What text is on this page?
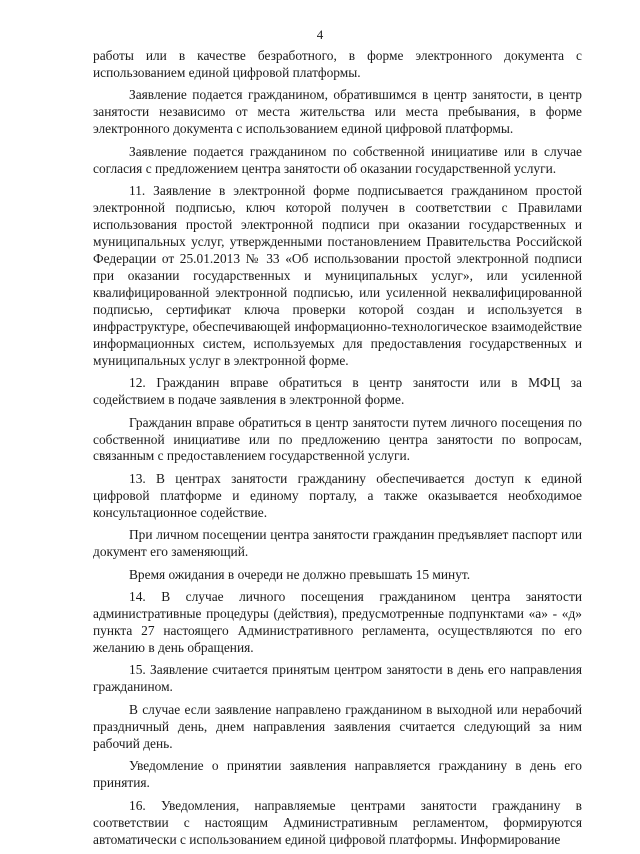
4

работы или в качестве безработного, в форме электронного документа с использованием единой цифровой платформы.

Заявление подается гражданином, обратившимся в центр занятости, в центр занятости независимо от места жительства или места пребывания, в форме электронного документа с использованием единой цифровой платформы.

Заявление подается гражданином по собственной инициативе или в случае согласия с предложением центра занятости об оказании государственной услуги.

11. Заявление в электронной форме подписывается гражданином простой электронной подписью, ключ которой получен в соответствии с Правилами использования простой электронной подписи при оказании государственных и муниципальных услуг, утвержденными постановлением Правительства Российской Федерации от 25.01.2013 № 33 «Об использовании простой электронной подписи при оказании государственных и муниципальных услуг», или усиленной квалифицированной электронной подписью, или усиленной неквалифицированной подписью, сертификат ключа проверки которой создан и используется в инфраструктуре, обеспечивающей информационно-технологическое взаимодействие информационных систем, используемых для предоставления государственных и муниципальных услуг в электронной форме.

12. Гражданин вправе обратиться в центр занятости или в МФЦ за содействием в подаче заявления в электронной форме.

Гражданин вправе обратиться в центр занятости путем личного посещения по собственной инициативе или по предложению центра занятости по вопросам, связанным с предоставлением государственной услуги.

13. В центрах занятости гражданину обеспечивается доступ к единой цифровой платформе и единому порталу, а также оказывается необходимое консультационное содействие.

При личном посещении центра занятости гражданин предъявляет паспорт или документ его заменяющий.

Время ожидания в очереди не должно превышать 15 минут.

14. В случае личного посещения гражданином центра занятости административные процедуры (действия), предусмотренные подпунктами «а» - «д» пункта 27 настоящего Административного регламента, осуществляются по его желанию в день обращения.

15. Заявление считается принятым центром занятости в день его направления гражданином.

В случае если заявление направлено гражданином в выходной или нерабочий праздничный день, днем направления заявления считается следующий за ним рабочий день.

Уведомление о принятии заявления направляется гражданину в день его принятия.

16. Уведомления, направляемые центрами занятости гражданину в соответствии с настоящим Административным регламентом, формируются автоматически с использованием единой цифровой платформы. Информирование
